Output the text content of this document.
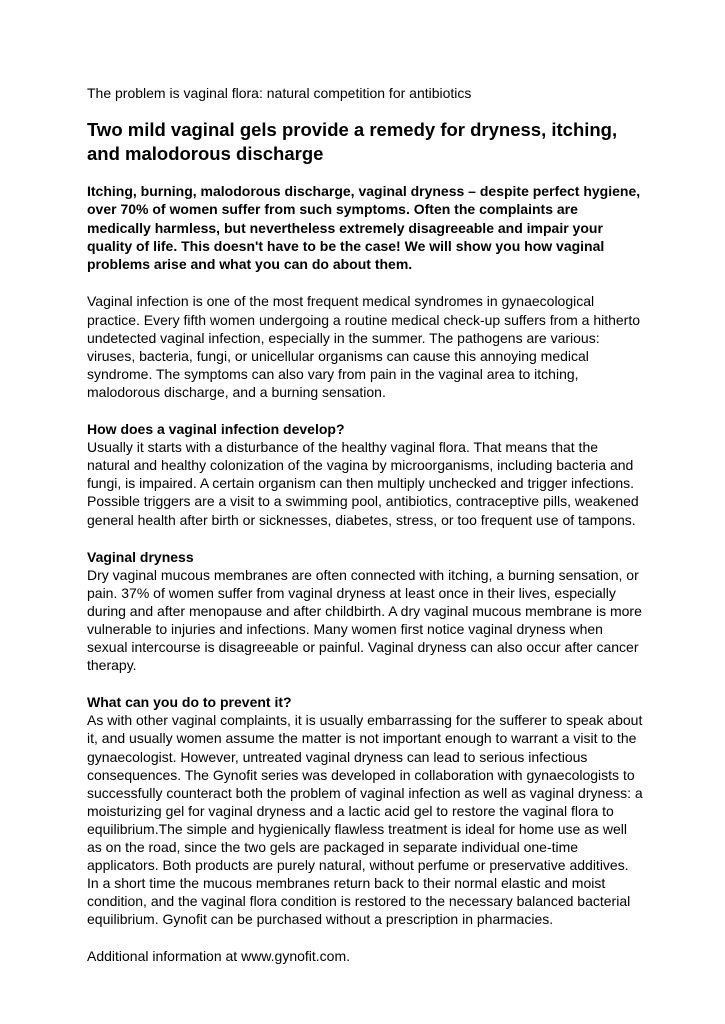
The problem is vaginal flora: natural competition for antibiotics

Two mild vaginal gels provide a remedy for dryness, itching, and malodorous discharge

Itching, burning, malodorous discharge, vaginal dryness – despite perfect hygiene, over 70% of women suffer from such symptoms. Often the complaints are medically harmless, but nevertheless extremely disagreeable and impair your quality of life. This doesn't have to be the case! We will show you how vaginal problems arise and what you can do about them.

Vaginal infection is one of the most frequent medical syndromes in gynaecological practice. Every fifth women undergoing a routine medical check-up suffers from a hitherto undetected vaginal infection, especially in the summer. The pathogens are various: viruses, bacteria, fungi, or unicellular organisms can cause this annoying medical syndrome. The symptoms can also vary from pain in the vaginal area to itching, malodorous discharge, and a burning sensation.

How does a vaginal infection develop?

Usually it starts with a disturbance of the healthy vaginal flora. That means that the natural and healthy colonization of the vagina by microorganisms, including bacteria and fungi, is impaired. A certain organism can then multiply unchecked and trigger infections. Possible triggers are a visit to a swimming pool, antibiotics, contraceptive pills, weakened general health after birth or sicknesses, diabetes, stress, or too frequent use of tampons.

Vaginal dryness

Dry vaginal mucous membranes are often connected with itching, a burning sensation, or pain. 37% of women suffer from vaginal dryness at least once in their lives, especially during and after menopause and after childbirth. A dry vaginal mucous membrane is more vulnerable to injuries and infections. Many women first notice vaginal dryness when sexual intercourse is disagreeable or painful. Vaginal dryness can also occur after cancer therapy.

What can you do to prevent it?

As with other vaginal complaints, it is usually embarrassing for the sufferer to speak about it, and usually women assume the matter is not important enough to warrant a visit to the gynaecologist. However, untreated vaginal dryness can lead to serious infectious consequences. The Gynofit series was developed in collaboration with gynaecologists to successfully counteract both the problem of vaginal infection as well as vaginal dryness: a moisturizing gel for vaginal dryness and a lactic acid gel to restore the vaginal flora to equilibrium.The simple and hygienically flawless treatment is ideal for home use as well as on the road, since the two gels are packaged in separate individual one-time applicators. Both products are purely natural, without perfume or preservative additives. In a short time the mucous membranes return back to their normal elastic and moist condition, and the vaginal flora condition is restored to the necessary balanced bacterial equilibrium. Gynofit can be purchased without a prescription in pharmacies.

Additional information at www.gynofit.com.
